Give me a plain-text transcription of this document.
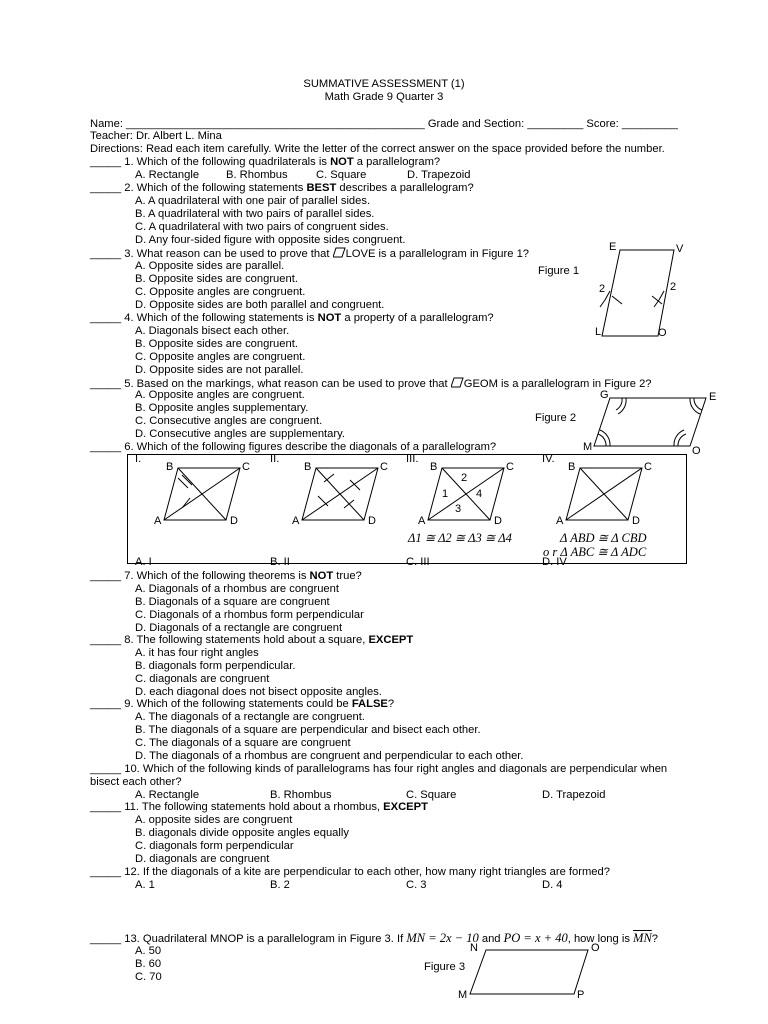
SUMMATIVE ASSESSMENT (1)
Math Grade 9 Quarter 3
Name: ________________________________________________ Grade and Section: _________ Score: _________
Teacher: Dr. Albert L. Mina
Directions: Read each item carefully. Write the letter of the correct answer on the space provided before the number.
_____ 1. Which of the following quadrilaterals is NOT a parallelogram?
A. Rectangle B. Rhombus	C. Square	D. Trapezoid
_____ 2. Which of the following statements BEST describes a parallelogram?
A. A quadrilateral with one pair of parallel sides.
B. A quadrilateral with two pairs of parallel sides.
C. A quadrilateral with two pairs of congruent sides.
D. Any four-sided figure with opposite sides congruent.
_____ 3. What reason can be used to prove that LOVE is a parallelogram in Figure 1?
A. Opposite sides are parallel.
B. Opposite sides are congruent.
C. Opposite angles are congruent.
D. Opposite sides are both parallel and congruent.
Figure 1
E	V
L	O
2	2
_____ 4. Which of the following statements is NOT a property of a parallelogram?
A. Diagonals bisect each other.
B. Opposite sides are congruent.
C. Opposite angles are congruent.
D. Opposite sides are not parallel.
_____ 5. Based on the markings, what reason can be used to prove that GEOM is a parallelogram in Figure 2?
A. Opposite angles are congruent.
B. Opposite angles supplementary.
C. Consecutive angles are congruent.
D. Consecutive angles are supplementary.
Figure 2
G	E
M	O
_____ 6. Which of the following figures describe the diagonals of a parallelogram?
I.	II.	III.	IV.
B	C
A	D
B	C
A	D
B	C
A	D
2
1	4
3
B	C
A	D
Δ1 ≅ Δ2 ≅ Δ3 ≅ Δ4	Δ ABD ≅ Δ CBD
o r Δ ABC ≅ Δ ADC
A. I	B. II	C. III	D. IV
_____ 7. Which of the following theorems is NOT true?
A. Diagonals of a rhombus are congruent
B. Diagonals of a square are congruent
C. Diagonals of a rhombus form perpendicular
D. Diagonals of a rectangle are congruent
_____ 8. The following statements hold about a square, EXCEPT
A. it has four right angles
B. diagonals form perpendicular.
C. diagonals are congruent
D. each diagonal does not bisect opposite angles.
_____ 9. Which of the following statements could be FALSE?
A. The diagonals of a rectangle are congruent.
B. The diagonals of a square are perpendicular and bisect each other.
C. The diagonals of a square are congruent
D. The diagonals of a rhombus are congruent and perpendicular to each other.
_____ 10. Which of the following kinds of parallelograms has four right angles and diagonals are perpendicular when
bisect each other?
A. Rectangle	B. Rhombus	C. Square	D. Trapezoid
_____ 11. The following statements hold about a rhombus, EXCEPT
A. opposite sides are congruent
B. diagonals divide opposite angles equally
C. diagonals form perpendicular
D. diagonals are congruent
_____ 12. If the diagonals of a kite are perpendicular to each other, how many right triangles are formed?
A. 1	B. 2	C. 3	D. 4
_____ 13. Quadrilateral MNOP is a parallelogram in Figure 3. If MN = 2x − 10 and PO = x + 40, how long is $\overline{MN}$?
A. 50
B. 60
C. 70
Figure 3
N	O
M	P
